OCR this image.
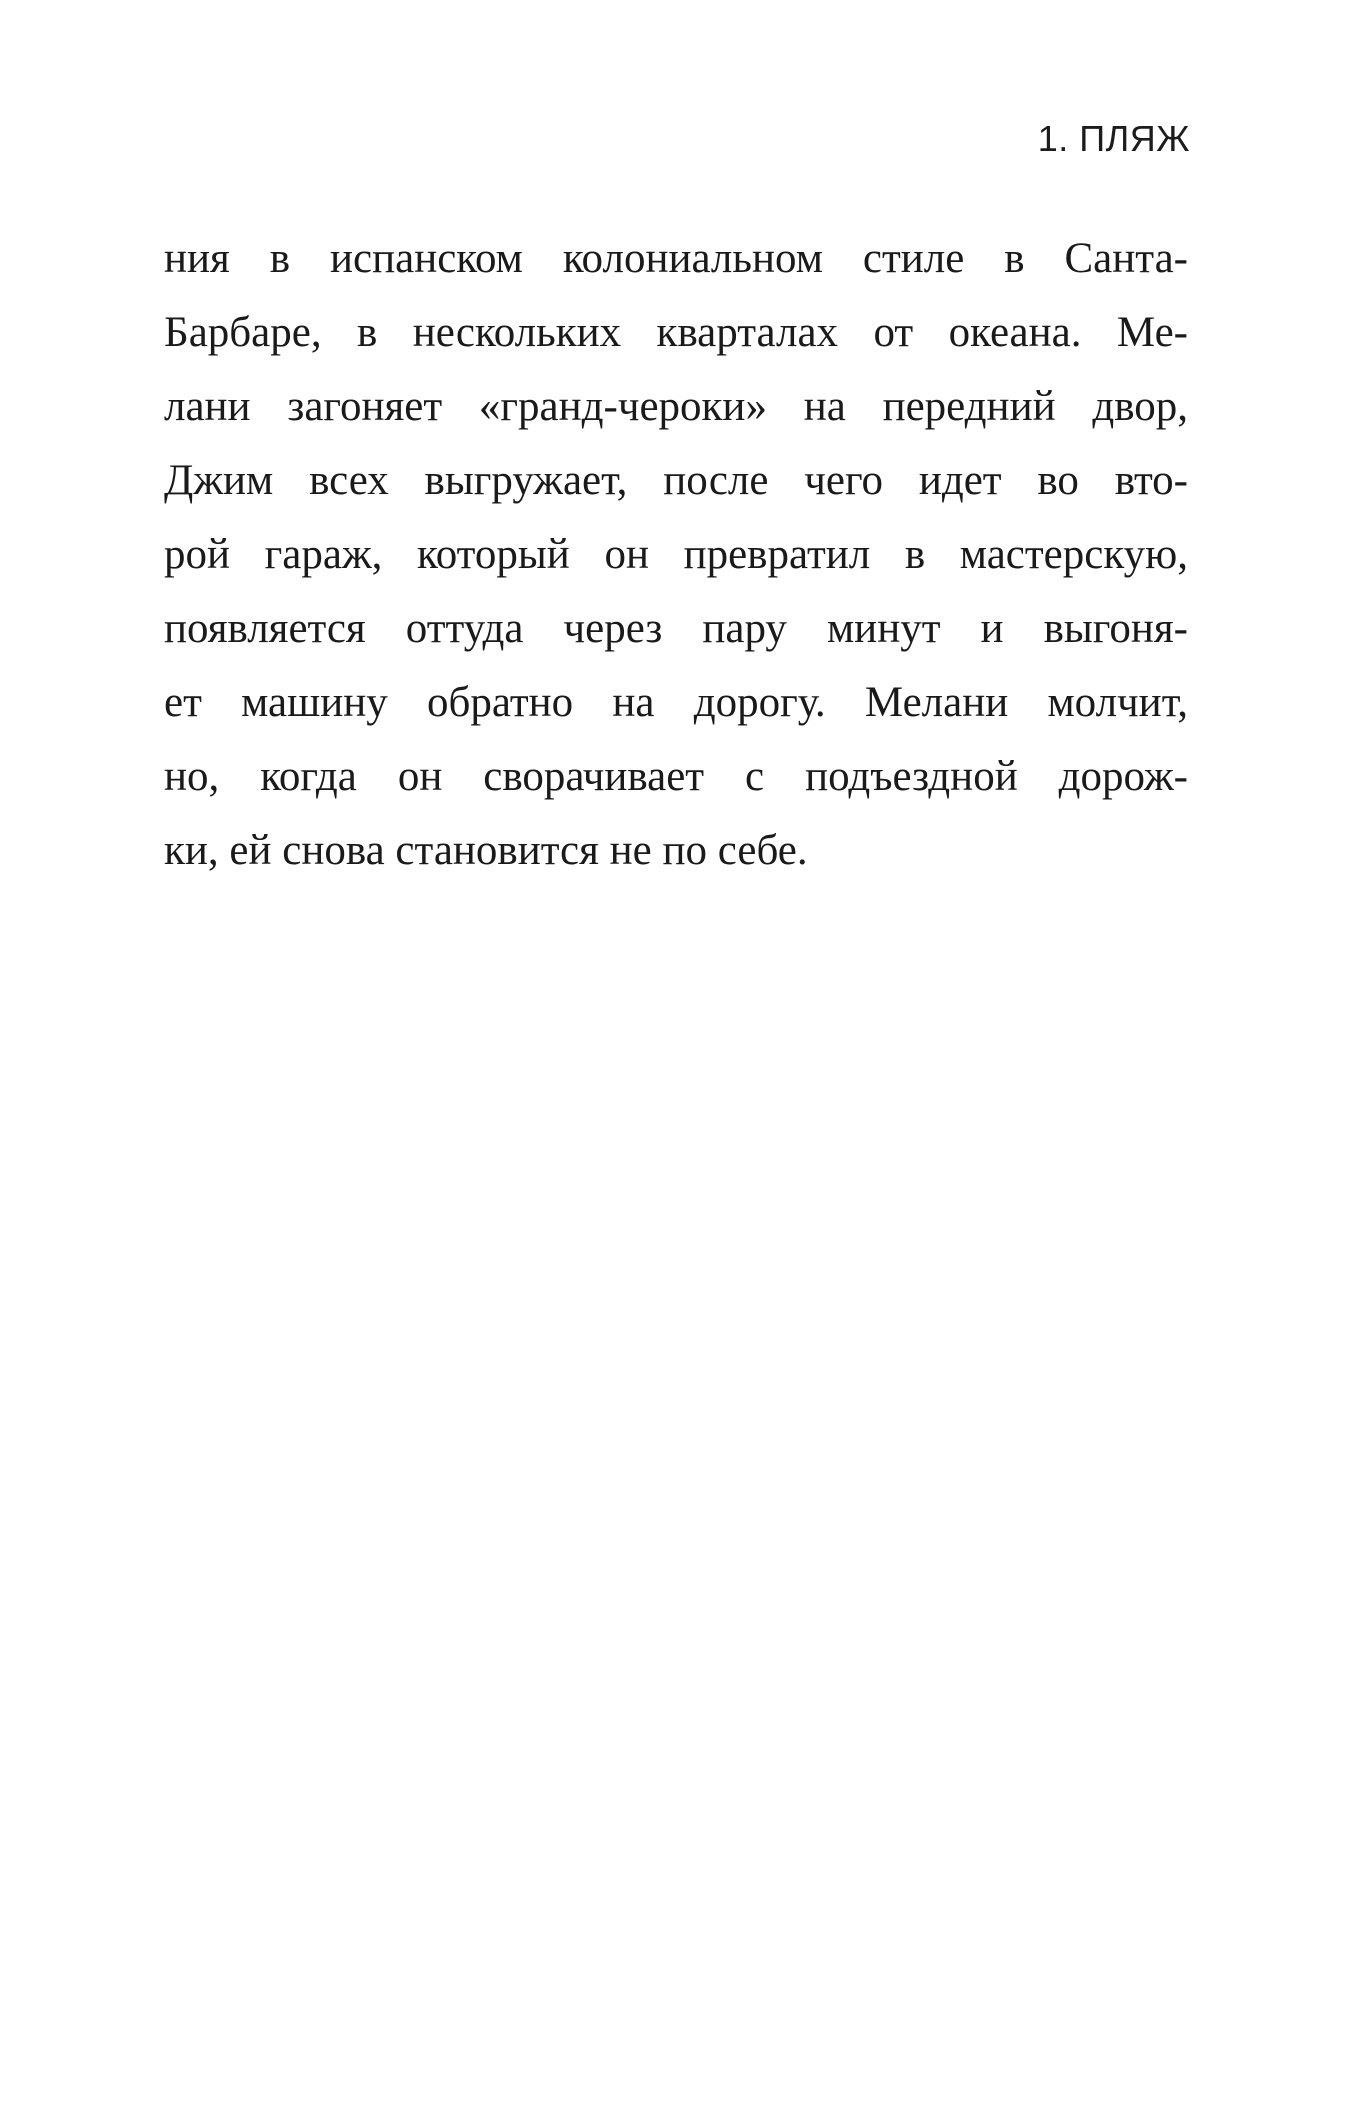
1. ПЛЯЖ
ния в испанском колониальном стиле в Санта-
Барбаре, в нескольких кварталах от океана. Ме-
лани загоняет «гранд-чероки» на передний двор,
Джим всех выгружает, после чего идет во вто-
рой гараж, который он превратил в мастерскую,
появляется оттуда через пару минут и выгоня-
ет машину обратно на дорогу. Мелани молчит,
но, когда он сворачивает с подъездной дорож-
ки, ей снова становится не по себе.
